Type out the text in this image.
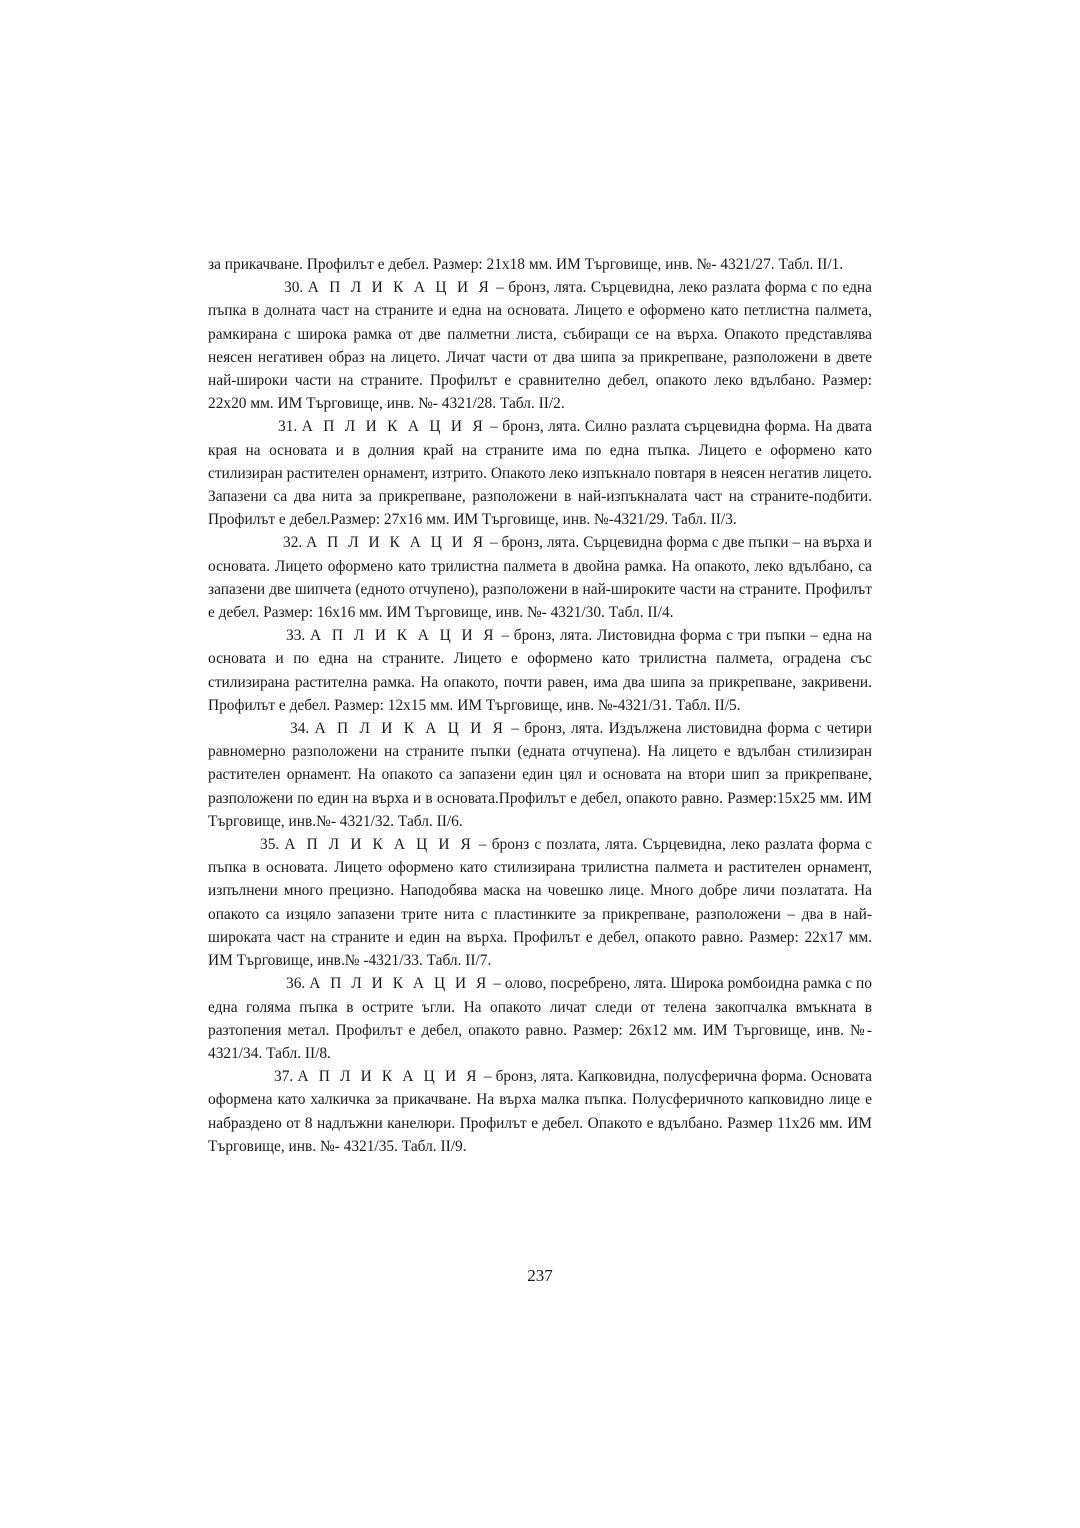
за прикачване. Профилът е дебел. Размер: 21х18 мм. ИМ Търговище, инв. №- 4321/27. Табл. ІІ/1.

30. А П Л И К А Ц И Я – бронз, лята. Сърцевидна, леко разлата форма с по една пъпка в долната част на страните и една на основата. Лицето е оформено като петлистна палмета, рамкирана с широка рамка от две палметни листа, събиращи се на върха. Опакото представлява неясен негативен образ на лицето. Личат части от два шипа за прикрепване, разположени в двете най-широки части на страните. Профилът е сравнително дебел, опакото леко вдълбано. Размер: 22х20 мм. ИМ Търговище, инв. №- 4321/28. Табл. ІІ/2.

31. А П Л И К А Ц И Я – бронз, лята. Силно разлата сърцевидна форма. На двата края на основата и в долния край на страните има по една пъпка. Лицето е оформено като стилизиран растителен орнамент, изтрито. Опакото леко изпъкнало повтаря в неясен негатив лицето. Запазени са два нита за прикрепване, разположени в най-изпъкналата част на страните-подбити. Профилът е дебел.Размер: 27х16 мм. ИМ Търговище, инв. №-4321/29. Табл. ІІ/3.

32. А П Л И К А Ц И Я – бронз, лята. Сърцевидна форма с две пъпки – на върха и основата. Лицето оформено като трилистна палмета в двойна рамка. На опакото, леко вдълбано, са запазени две шипчета (едното отчупено), разположени в най-широките части на страните. Профилът е дебел. Размер: 16х16 мм. ИМ Търговище, инв. №- 4321/30. Табл. ІІ/4.

33. А П Л И К А Ц И Я – бронз, лята. Листовидна форма с три пъпки – една на основата и по една на страните. Лицето е оформено като трилистна палмета, оградена със стилизирана растителна рамка. На опакото, почти равен, има два шипа за прикрепване, закривени. Профилът е дебел. Размер: 12х15 мм. ИМ Търговище, инв. №-4321/31. Табл. ІІ/5.

34. А П Л И К А Ц И Я – бронз, лята. Издължена листовидна форма с четири равномерно разположени на страните пъпки (едната отчупена). На лицето е вдълбан стилизиран растителен орнамент. На опакото са запазени един цял и основата на втори шип за прикрепване, разположени по един на върха и в основата.Профилът е дебел, опакото равно. Размер:15х25 мм. ИМ Търговище, инв.№- 4321/32. Табл. ІІ/6.

35. А П Л И К А Ц И Я – бронз с позлата, лята. Сърцевидна, леко разлата форма с пъпка в основата. Лицето оформено като стилизирана трилистна палмета и растителен орнамент, изпълнени много прецизно. Наподобява маска на човешко лице. Много добре личи позлатата. На опакото са изцяло запазени трите нита с пластинките за прикрепване, разположени – два в най-широката част на страните и един на върха. Профилът е дебел, опакото равно. Размер: 22х17 мм. ИМ Търговище, инв.№ -4321/33. Табл. ІІ/7.

36. А П Л И К А Ц И Я – олово, посребрено, лята. Широка ромбоидна рамка с по една голяма пъпка в острите ъгли. На опакото личат следи от телена закопчалка вмъкната в разтопения метал. Профилът е дебел, опакото равно. Размер: 26х12 мм. ИМ Търговище, инв. №- 4321/34. Табл. ІІ/8.

37. А П Л И К А Ц И Я – бронз, лята. Капковидна, полусферична форма. Основата оформена като халкичка за прикачване. На върха малка пъпка. Полусферичното капковидно лице е набраздено от 8 надлъжни канелюри. Профилът е дебел. Опакото е вдълбано. Размер 11х26 мм. ИМ Търговище, инв. №- 4321/35. Табл. ІІ/9.

237
